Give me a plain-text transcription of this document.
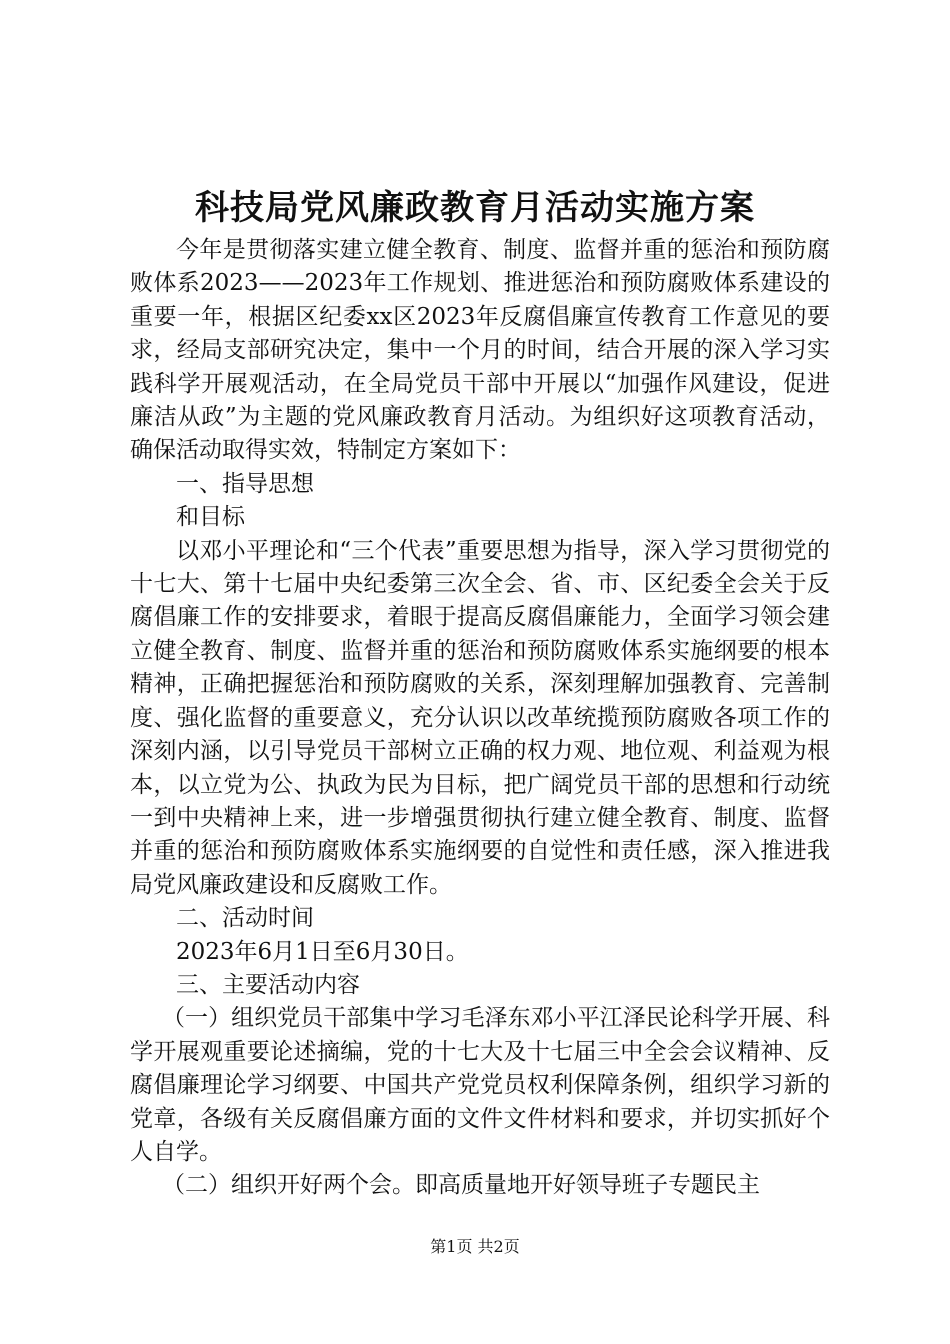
科技局党风廉政教育月活动实施方案

今年是贯彻落实建立健全教育、制度、监督并重的惩治和预防腐败体系2023——2023年工作规划、推进惩治和预防腐败体系建设的重要一年，根据区纪委xx区2023年反腐倡廉宣传教育工作意见的要求，经局支部研究决定，集中一个月的时间，结合开展的深入学习实践科学开展观活动，在全局党员干部中开展以“加强作风建设，促进廉洁从政”为主题的党风廉政教育月活动。为组织好这项教育活动，确保活动取得实效，特制定方案如下：

一、指导思想

和目标

以邓小平理论和“三个代表”重要思想为指导，深入学习贯彻党的十七大、第十七届中央纪委第三次全会、省、市、区纪委全会关于反腐倡廉工作的安排要求，着眼于提高反腐倡廉能力，全面学习领会建立健全教育、制度、监督并重的惩治和预防腐败体系实施纲要的根本精神，正确把握惩治和预防腐败的关系，深刻理解加强教育、完善制度、强化监督的重要意义，充分认识以改革统揽预防腐败各项工作的深刻内涵，以引导党员干部树立正确的权力观、地位观、利益观为根本，以立党为公、执政为民为目标，把广阔党员干部的思想和行动统一到中央精神上来，进一步增强贯彻执行建立健全教育、制度、监督并重的惩治和预防腐败体系实施纲要的自觉性和责任感，深入推进我局党风廉政建设和反腐败工作。

二、活动时间

2023年6月1日至6月30日。

三、主要活动内容

（一）组织党员干部集中学习毛泽东邓小平江泽民论科学开展、科学开展观重要论述摘编，党的十七大及十七届三中全会会议精神、反腐倡廉理论学习纲要、中国共产党党员权利保障条例，组织学习新的党章，各级有关反腐倡廉方面的文件文件材料和要求，并切实抓好个人自学。

（二）组织开好两个会。即高质量地开好领导班子专题民主

第1页 共2页
